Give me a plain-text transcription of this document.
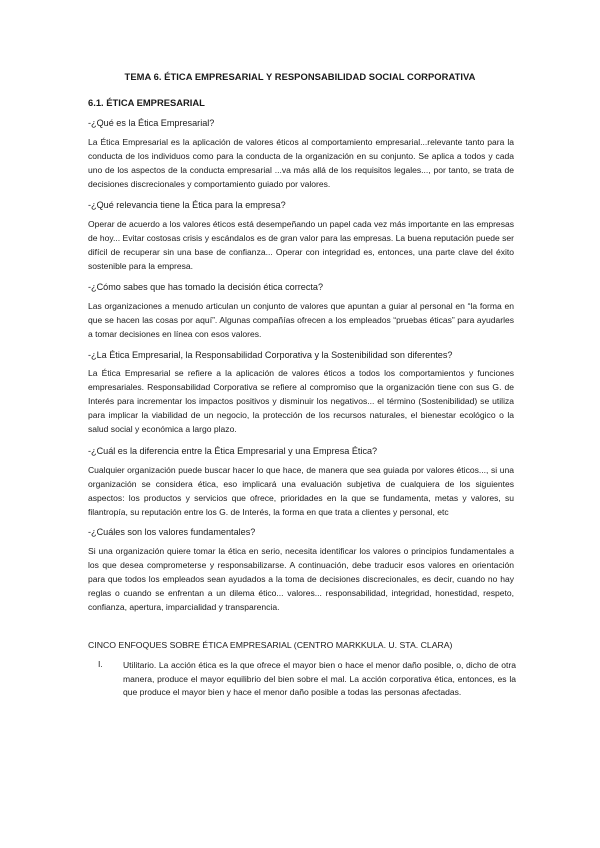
TEMA 6. ÉTICA EMPRESARIAL Y RESPONSABILIDAD SOCIAL CORPORATIVA
6.1. ÉTICA EMPRESARIAL
-¿Qué es la Ética Empresarial?

La Ética Empresarial es la aplicación de valores éticos al comportamiento empresarial...relevante tanto para la conducta de los individuos como para la conducta de la organización en su conjunto. Se aplica a todos y cada uno de los aspectos de la conducta empresarial ...va más allá de los requisitos legales..., por tanto, se trata de decisiones discrecionales y comportamiento guiado por valores.

-¿Qué relevancia tiene la Ética para la empresa?

Operar de acuerdo a los valores éticos está desempeñando un papel cada vez más importante en las empresas de hoy... Evitar costosas crisis y escándalos es de gran valor para las empresas. La buena reputación puede ser difícil de recuperar sin una base de confianza... Operar con integridad es, entonces, una parte clave del éxito sostenible para la empresa.

-¿Cómo sabes que has tomado la decisión ética correcta?

Las organizaciones a menudo articulan un conjunto de valores que apuntan a guiar al personal en “la forma en que se hacen las cosas por aquí”. Algunas compañías ofrecen a los empleados “pruebas éticas” para ayudarles a tomar decisiones en línea con esos valores.

-¿La Ética Empresarial, la Responsabilidad Corporativa y la Sostenibilidad son diferentes?

La Ética Empresarial se refiere a la aplicación de valores éticos a todos los comportamientos y funciones empresariales. Responsabilidad Corporativa se refiere al compromiso que la organización tiene con sus G. de Interés para incrementar los impactos positivos y disminuir los negativos... el término (Sostenibilidad) se utiliza para implicar la viabilidad de un negocio, la protección de los recursos naturales, el bienestar ecológico o la salud social y económica a largo plazo.

-¿Cuál es la diferencia entre la Ética Empresarial y una Empresa Ética?

Cualquier organización puede buscar hacer lo que hace, de manera que sea guiada por valores éticos..., si una organización se considera ética, eso implicará una evaluación subjetiva de cualquiera de los siguientes aspectos: los productos y servicios que ofrece, prioridades en la que se fundamenta, metas y valores, su filantropía, su reputación entre los G. de Interés, la forma en que trata a clientes y personal, etc

-¿Cuáles son los valores fundamentales?

Si una organización quiere tomar la ética en serio, necesita identificar los valores o principios fundamentales a los que desea comprometerse y responsabilizarse. A continuación, debe traducir esos valores en orientación para que todos los empleados sean ayudados a la toma de decisiones discrecionales, es decir, cuando no hay reglas o cuando se enfrentan a un dilema ético... valores... responsabilidad, integridad, honestidad, respeto, confianza, apertura, imparcialidad y transparencia.

CINCO ENFOQUES SOBRE ÉTICA EMPRESARIAL (CENTRO MARKKULA. U. STA. CLARA)
I. Utilitario. La acción ética es la que ofrece el mayor bien o hace el menor daño posible, o, dicho de otra manera, produce el mayor equilibrio del bien sobre el mal. La acción corporativa ética, entonces, es la que produce el mayor bien y hace el menor daño posible a todas las personas afectadas.
